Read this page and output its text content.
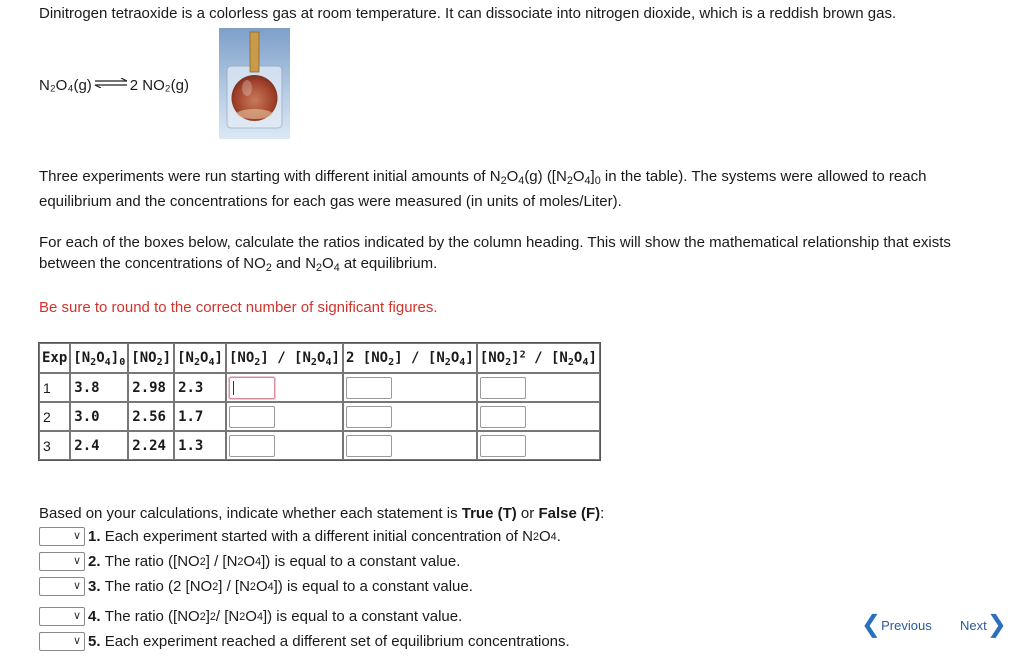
Dinitrogen tetraoxide is a colorless gas at room temperature. It can dissociate into nitrogen dioxide, which is a reddish brown gas.
N₂O₄(g) ⇌ 2 NO₂(g)
Three experiments were run starting with different initial amounts of $N_2O_4(g)$ ($[N_2O_4]_0$ in the table). The systems were allowed to reach equilibrium and the concentrations for each gas were measured (in units of moles/Liter).
For each of the boxes below, calculate the ratios indicated by the column heading. This will show the mathematical relationship that exists between the concentrations of $NO_2$ and $N_2O_4$ at equilibrium.
Be sure to round to the correct number of significant figures.
Exp	$[N_2O_4]_0$	$[NO_2]$	$[N_2O_4]$	$[NO_2] / [N_2O_4]$	2 $[NO_2] / [N_2O_4]$	$[NO_2]^2 / [N_2O_4]$
1	3.8	2.98	2.3	

2	3.0	2.56	1.7	

3	2.4	2.24	1.3	

Based on your calculations, indicate whether each statement is True (T) or False (F):
∨ 1.
Each experiment started with a different initial concentration of N 2 O 4 .
∨ 2.
The ratio ([NO 2 ] / [N 2 O 4 ]) is equal to a constant value.
∨ 3.
The ratio (2 [NO 2 ] / [N 2 O 4 ]) is equal to a constant value.
∨ 4.
The ratio ([NO 2 ] 2 / [N 2 O 4 ]) is equal to a constant value.
∨ 5.
Each experiment reached a different set of equilibrium concentrations.
❮ Previous Next ❯
